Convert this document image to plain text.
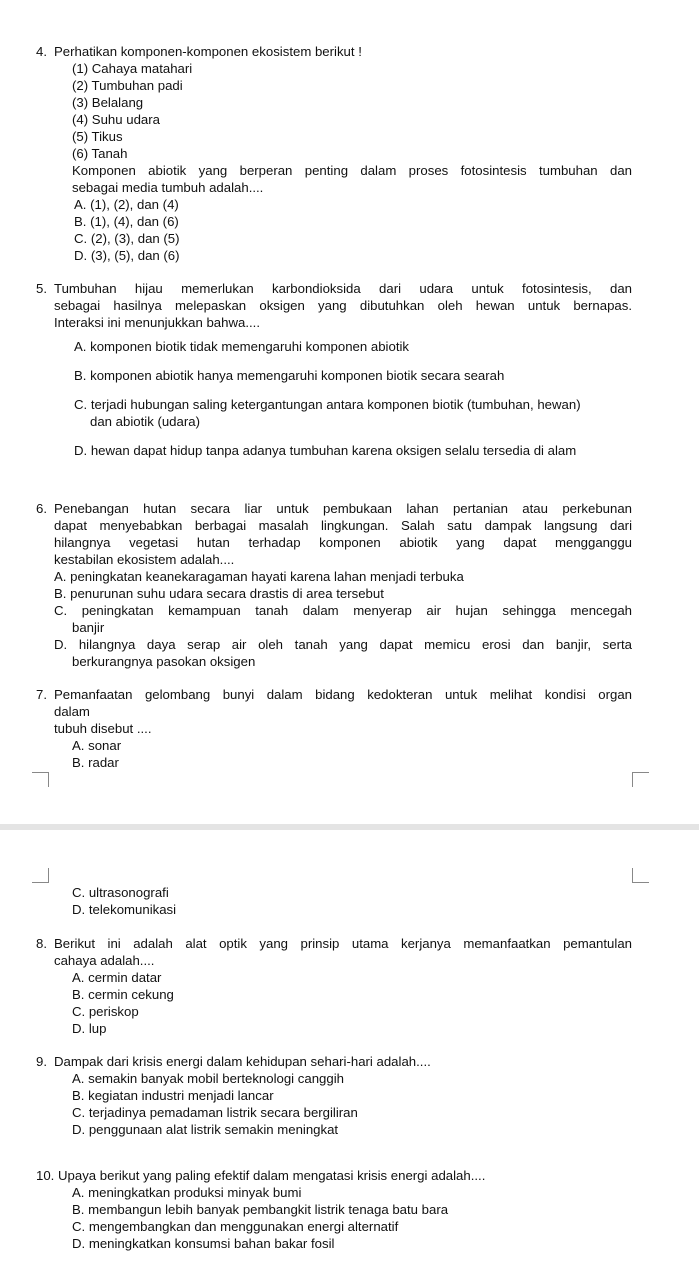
4. Perhatikan komponen-komponen ekosistem berikut !
(1) Cahaya matahari
(2) Tumbuhan padi
(3) Belalang
(4) Suhu udara
(5) Tikus
(6) Tanah
Komponen abiotik yang berperan penting dalam proses fotosintesis tumbuhan dan
sebagai media tumbuh adalah....
A. (1), (2), dan (4)
B. (1), (4), dan (6)
C. (2), (3), dan (5)
D. (3), (5), dan (6)
5. Tumbuhan hijau memerlukan karbondioksida dari udara untuk fotosintesis, dan
sebagai hasilnya melepaskan oksigen yang dibutuhkan oleh hewan untuk bernapas.
Interaksi ini menunjukkan bahwa....
A. komponen biotik tidak memengaruhi komponen abiotik
B. komponen abiotik hanya memengaruhi komponen biotik secara searah
C. terjadi hubungan saling ketergantungan antara komponen biotik (tumbuhan, hewan)
dan abiotik (udara)
D. hewan dapat hidup tanpa adanya tumbuhan karena oksigen selalu tersedia di alam
6. Penebangan hutan secara liar untuk pembukaan lahan pertanian atau perkebunan
dapat menyebabkan berbagai masalah lingkungan. Salah satu dampak langsung dari
hilangnya vegetasi hutan terhadap komponen abiotik yang dapat mengganggu
kestabilan ekosistem adalah....
A. peningkatan keanekaragaman hayati karena lahan menjadi terbuka
B. penurunan suhu udara secara drastis di area tersebut
C. peningkatan kemampuan tanah dalam menyerap air hujan sehingga mencegah
banjir
D. hilangnya daya serap air oleh tanah yang dapat memicu erosi dan banjir, serta
berkurangnya pasokan oksigen
7. Pemanfaatan gelombang bunyi dalam bidang kedokteran untuk melihat kondisi organ
dalam
tubuh disebut ....
A. sonar
B. radar
C. ultrasonografi
D. telekomunikasi
8. Berikut ini adalah alat optik yang prinsip utama kerjanya memanfaatkan pemantulan
cahaya adalah....
A. cermin datar
B. cermin cekung
C. periskop
D. lup
9. Dampak dari krisis energi dalam kehidupan sehari-hari adalah....
A. semakin banyak mobil berteknologi canggih
B. kegiatan industri menjadi lancar
C. terjadinya pemadaman listrik secara bergiliran
D. penggunaan alat listrik semakin meningkat
10. Upaya berikut yang paling efektif dalam mengatasi krisis energi adalah....
A. meningkatkan produksi minyak bumi
B. membangun lebih banyak pembangkit listrik tenaga batu bara
C. mengembangkan dan menggunakan energi alternatif
D. meningkatkan konsumsi bahan bakar fosil
